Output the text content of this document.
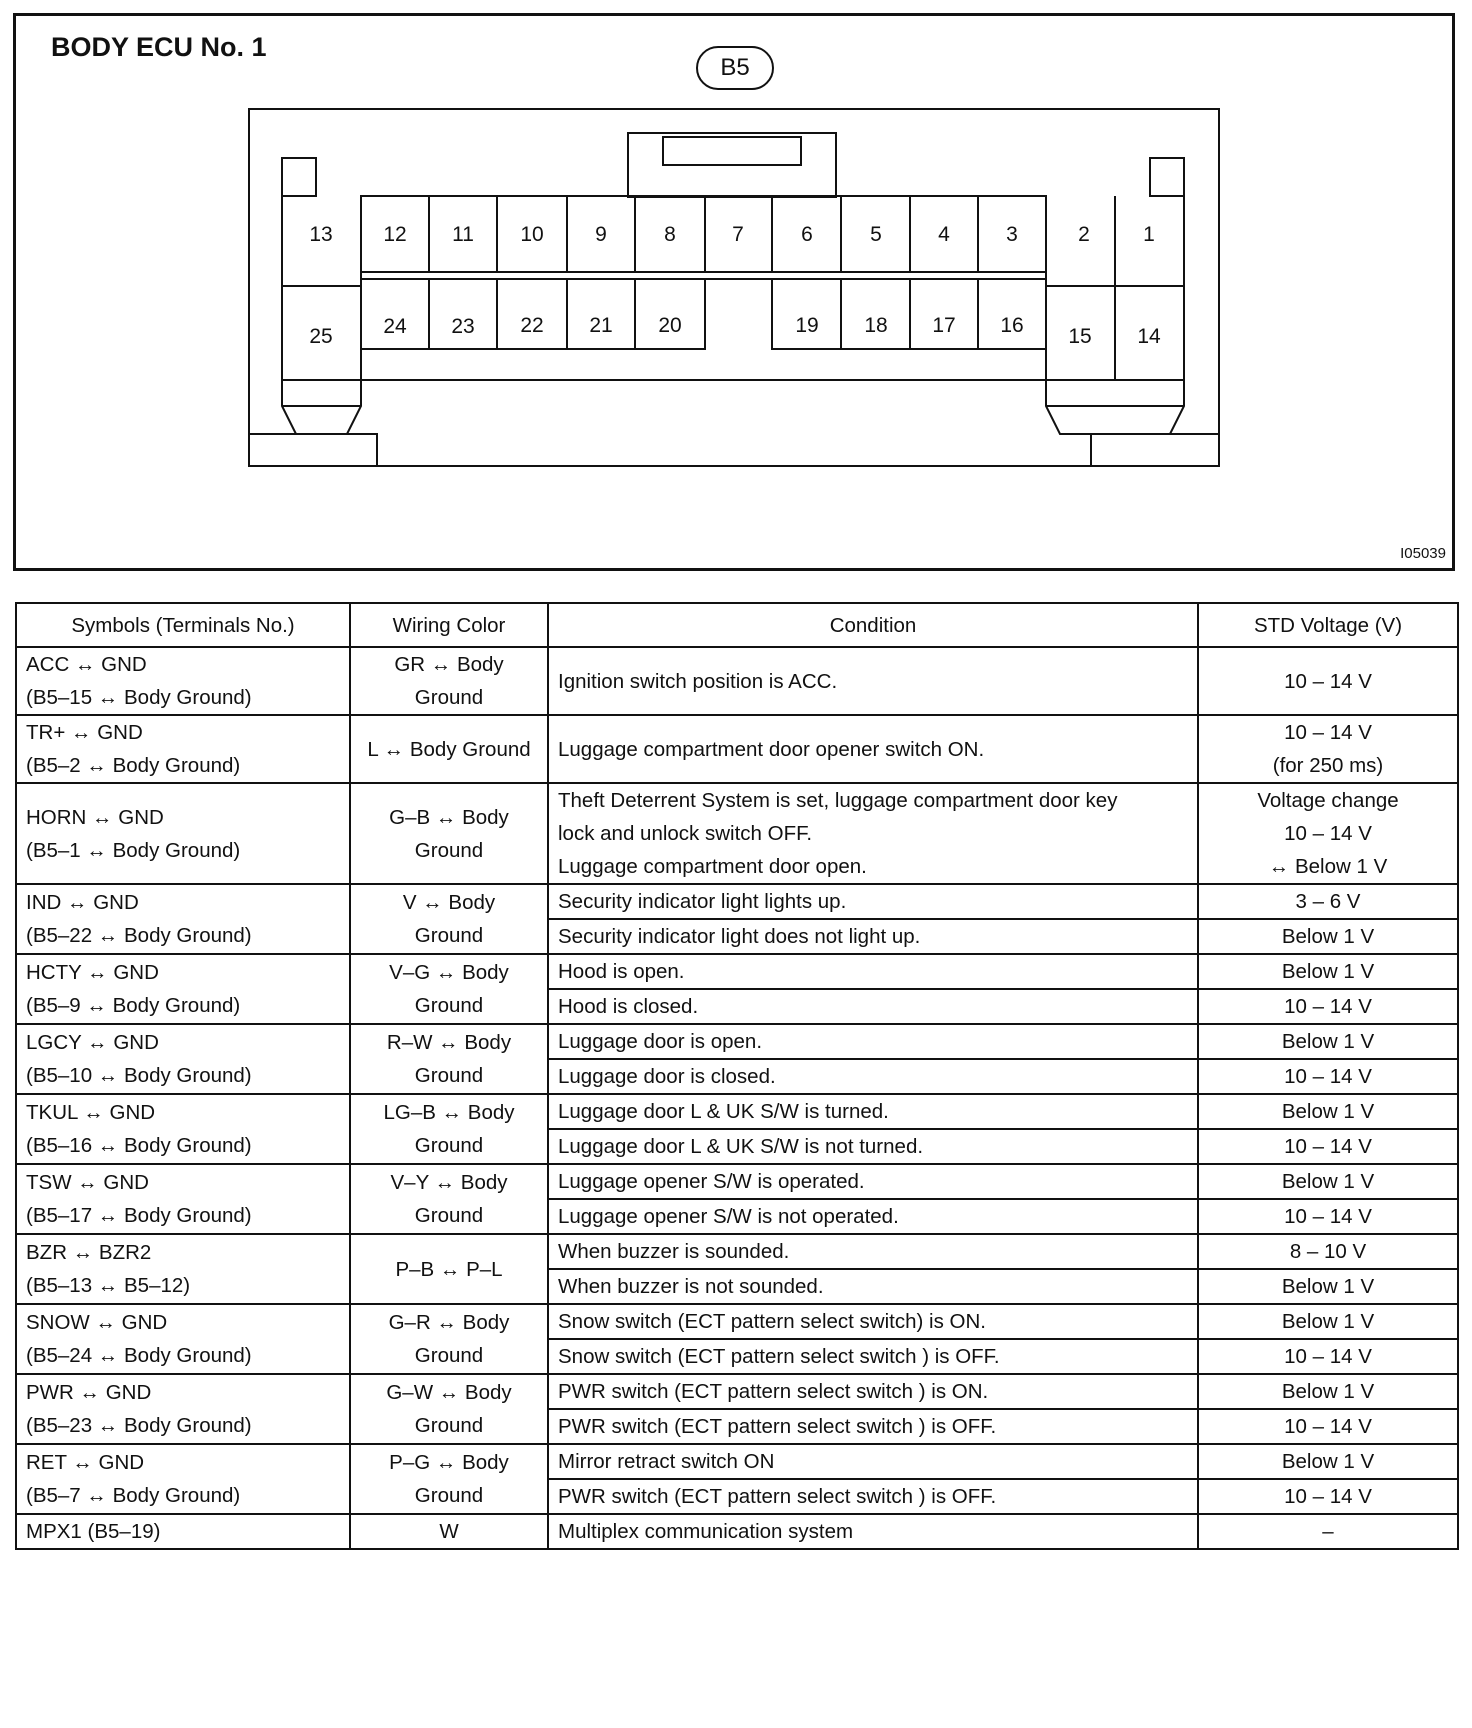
13 12 11 10 9	8	7	6	5	4	3	2	1
25 24 23 22 21 20	19 18 17 16 15 14
BODY ECU No. 1
B5
I05039
Symbols (Terminals No.)	Wiring Color	Condition	STD Voltage (V)

ACC ↔ GND
(B5–15 ↔ Body Ground)	GR ↔ Body
Ground	Ignition switch position is ACC.	10 – 14 V

TR+ ↔ GND
(B5–2 ↔ Body Ground)	L ↔ Body Ground	Luggage compartment door opener switch ON.	10 – 14 V
(for 250 ms)

HORN ↔ GND
(B5–1 ↔ Body Ground)	G–B ↔ Body
Ground	Theft Deterrent System is set, luggage compartment door key
lock and unlock switch OFF.
Luggage compartment door open.	Voltage change
10 – 14 V
↔ Below 1 V

IND ↔ GND
(B5–22 ↔ Body Ground)	V ↔ Body
Ground	Security indicator light lights up.	3 – 6 V

		Security indicator light does not light up.	Below 1 V

HCTY ↔ GND
(B5–9 ↔ Body Ground)	V–G ↔ Body
Ground	Hood is open.	Below 1 V

		Hood is closed.	10 – 14 V

LGCY ↔ GND
(B5–10 ↔ Body Ground)	R–W ↔ Body
Ground	Luggage door is open.	Below 1 V

		Luggage door is closed.	10 – 14 V

TKUL ↔ GND
(B5–16 ↔ Body Ground)	LG–B ↔ Body
Ground	Luggage door L & UK S/W is turned.	Below 1 V

		Luggage door L & UK S/W is not turned.	10 – 14 V

TSW ↔ GND
(B5–17 ↔ Body Ground)	V–Y ↔ Body
Ground	Luggage opener S/W is operated.	Below 1 V

		Luggage opener S/W is not operated.	10 – 14 V

BZR ↔ BZR2
(B5–13 ↔ B5–12)	P–B ↔ P–L	When buzzer is sounded.	8 – 10 V

		When buzzer is not sounded.	Below 1 V

SNOW ↔ GND
(B5–24 ↔ Body Ground)	G–R ↔ Body
Ground	Snow switch (ECT pattern select switch) is ON.	Below 1 V

		Snow switch (ECT pattern select switch ) is OFF.	10 – 14 V

PWR ↔ GND
(B5–23 ↔ Body Ground)	G–W ↔ Body
Ground	PWR switch (ECT pattern select switch ) is ON.	Below 1 V

		PWR switch (ECT pattern select switch ) is OFF.	10 – 14 V

RET ↔ GND
(B5–7 ↔ Body Ground)	P–G ↔ Body
Ground	Mirror retract switch ON	Below 1 V

		PWR switch (ECT pattern select switch ) is OFF.	10 – 14 V

MPX1 (B5–19)	W	Multiplex communication system	–
